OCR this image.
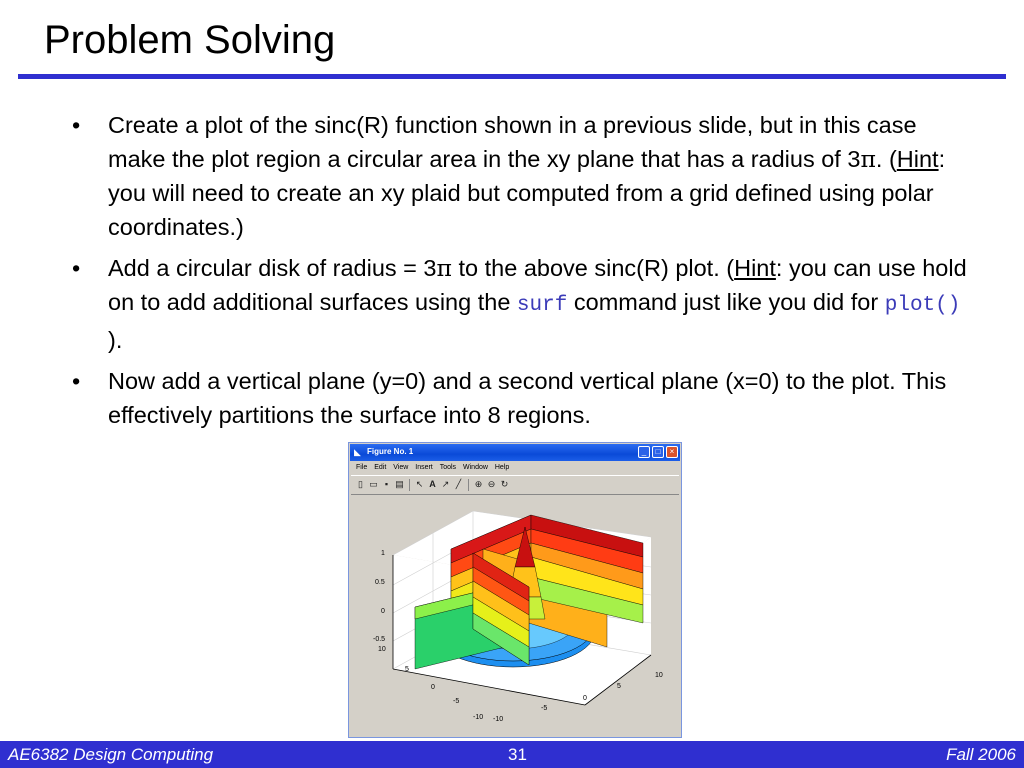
Problem Solving
• Create a plot of the sinc(R) function shown in a previous slide, but in this case make the plot region a circular area in the xy plane that has a radius of 3π. (Hint: you will need to create an xy plaid but computed from a grid defined using polar coordinates.)
• Add a circular disk of radius = 3π to the above sinc(R) plot. (Hint: you can use hold on to add additional surfaces using the surf command just like you did for plot() ).
• Now add a vertical plane (y=0) and a second vertical plane (x=0) to the plot. This effectively partitions the surface into 8 regions.
◣ Figure No. 1	_	□	×
File Edit View Insert Tools Window Help
▯ ▭ ▪ ▤ ↖ A ↗ ╱	⊕ ⊖ ↻
1
0.5
0
-0.5
10
5
0
-5
-10 -10
-5
0
5
10
AE6382 Design Computing	31	Fall 2006
